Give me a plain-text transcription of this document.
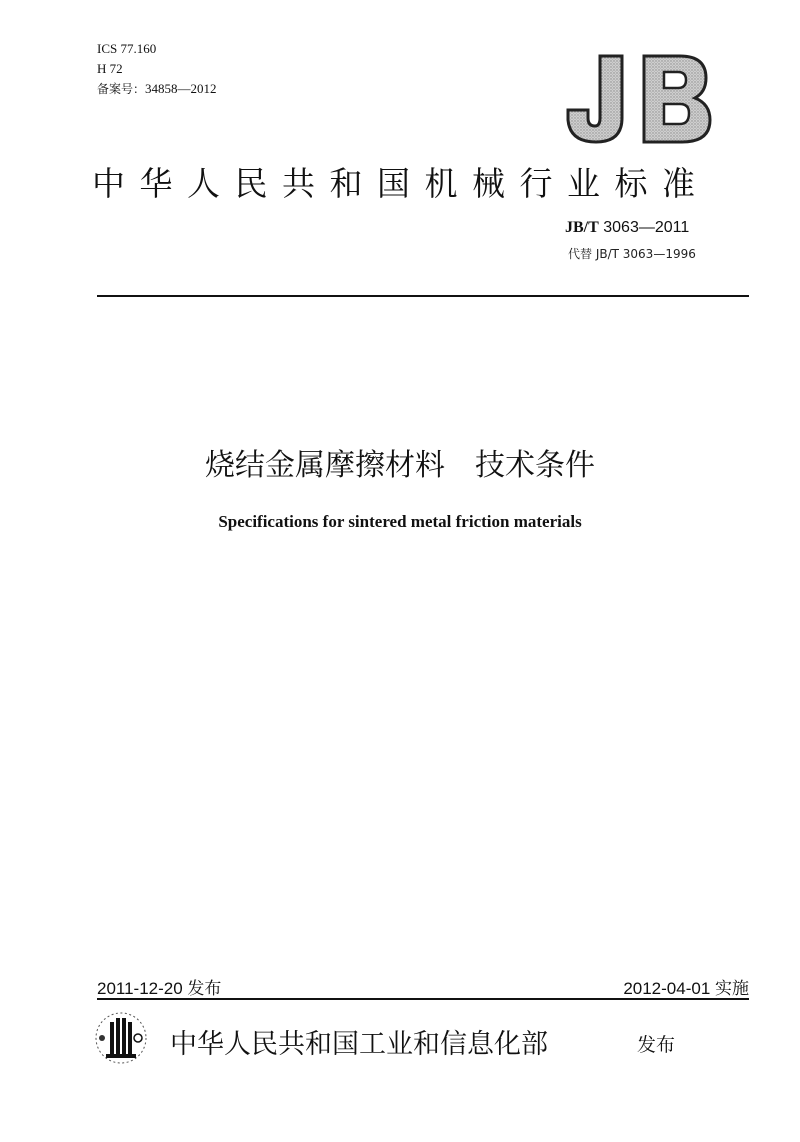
ICS 77.160
H 72
备案号：34858—2012
中华人民共和国机械行业标准
JB/T 3063—2011
代替 JB/T 3063—1996
烧结金属摩擦材料　技术条件
Specifications for sintered metal friction materials
2011-12-20 发布	2012-04-01 实施
中华人民共和国工业和信息化部	发布
